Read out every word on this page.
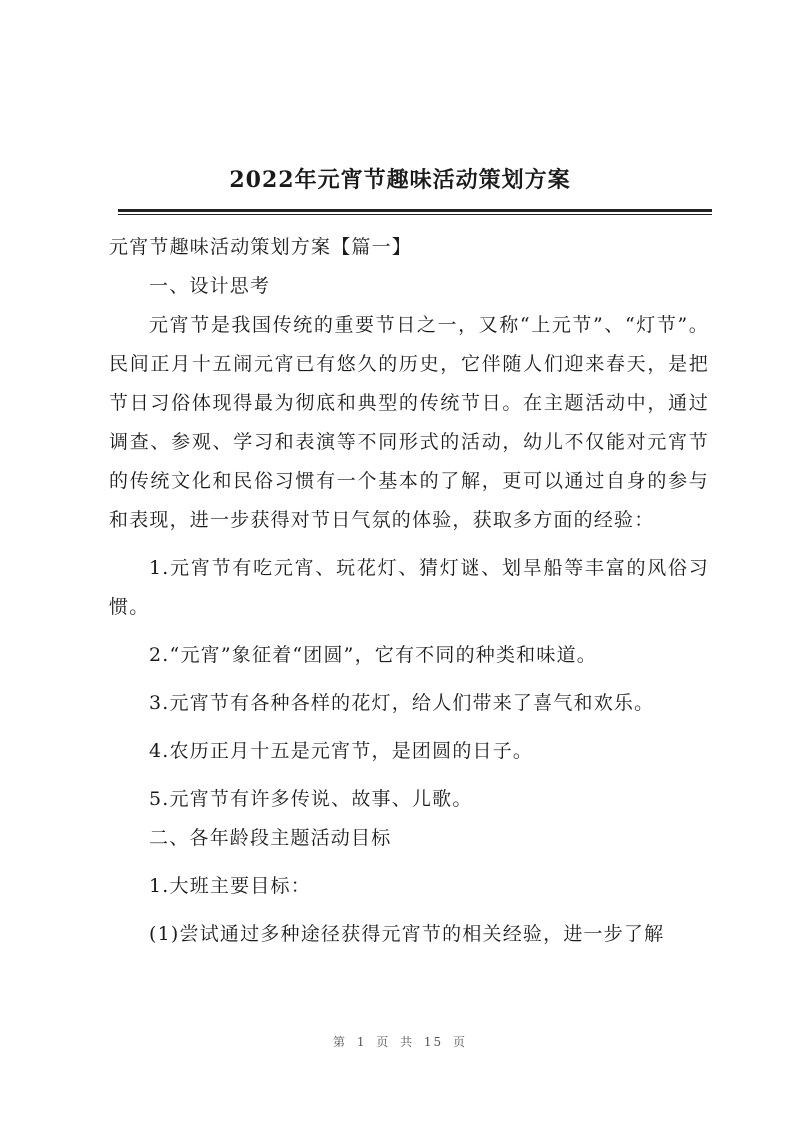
2022年元宵节趣味活动策划方案

元宵节趣味活动策划方案【篇一】

一、设计思考

元宵节是我国传统的重要节日之一，又称“上元节”、“灯节”。民间正月十五闹元宵已有悠久的历史，它伴随人们迎来春天，是把节日习俗体现得最为彻底和典型的传统节日。在主题活动中，通过调查、参观、学习和表演等不同形式的活动，幼儿不仅能对元宵节的传统文化和民俗习惯有一个基本的了解，更可以通过自身的参与和表现，进一步获得对节日气氛的体验，获取多方面的经验：

1.元宵节有吃元宵、玩花灯、猜灯谜、划旱船等丰富的风俗习惯。

2.“元宵”象征着“团圆”，它有不同的种类和味道。

3.元宵节有各种各样的花灯，给人们带来了喜气和欢乐。

4.农历正月十五是元宵节，是团圆的日子。

5.元宵节有许多传说、故事、儿歌。

二、各年龄段主题活动目标

1.大班主要目标：

(1)尝试通过多种途径获得元宵节的相关经验，进一步了解

第 1 页 共 15 页
